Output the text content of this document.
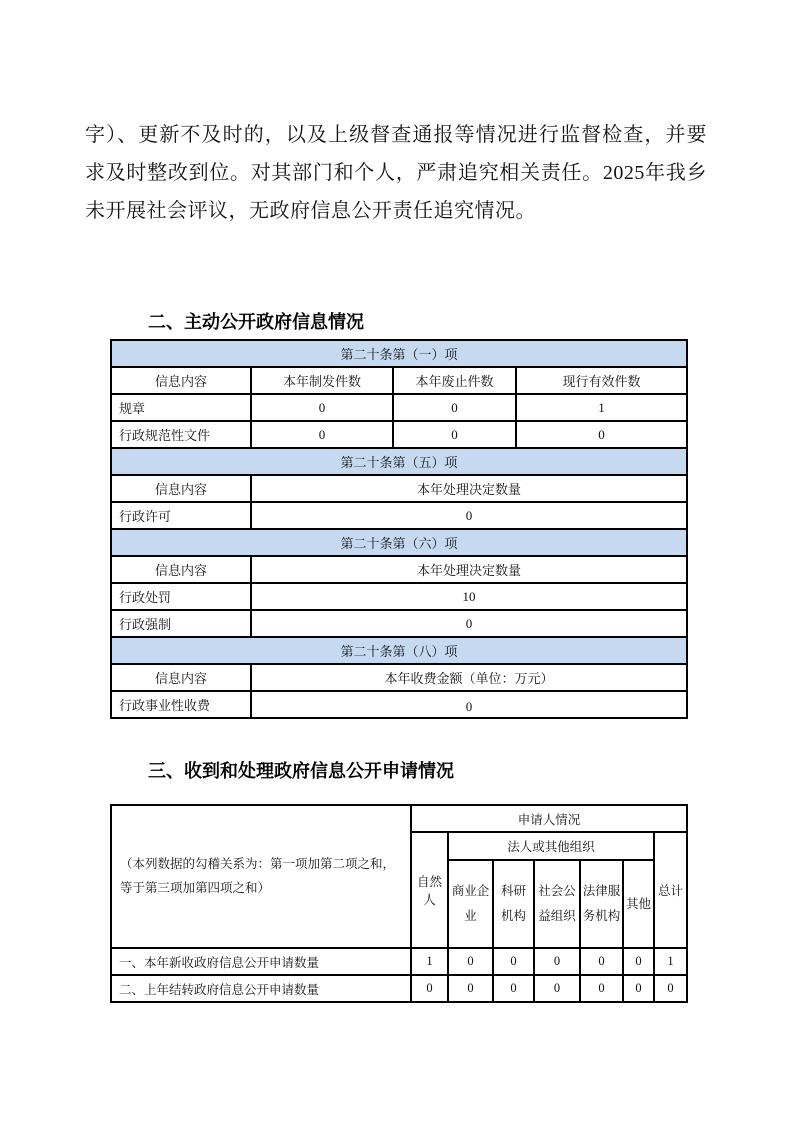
字）、更新不及时的，以及上级督查通报等情况进行监督检查，并要求及时整改到位。对其部门和个人，严肃追究相关责任。2025年我乡未开展社会评议，无政府信息公开责任追究情况。

二、主动公开政府信息情况
第二十条第（一）项			
信息内容	本年制发件数	本年废止件数	现行有效件数
规章	0	0	1
行政规范性文件	0	0	0
第二十条第（五）项			
信息内容	本年处理决定数量		
行政许可	0		
第二十条第（六）项			
信息内容	本年处理决定数量		
行政处罚	10		
行政强制	0		
第二十条第（八）项			
信息内容	本年收费金额（单位：万元）		
行政事业性收费	0		
三、收到和处理政府信息公开申请情况
（本列数据的勾稽关系为：第一项加第二项之和，等于第三项加第四项之和）	申请人情况						
	自然人	法人或其他组织					总计
		商业企业	科研机构	社会公益组织	法律服务机构	其他	
一、本年新收政府信息公开申请数量	1	0	0	0	0	0	1
二、上年结转政府信息公开申请数量	0	0	0	0	0	0	0
